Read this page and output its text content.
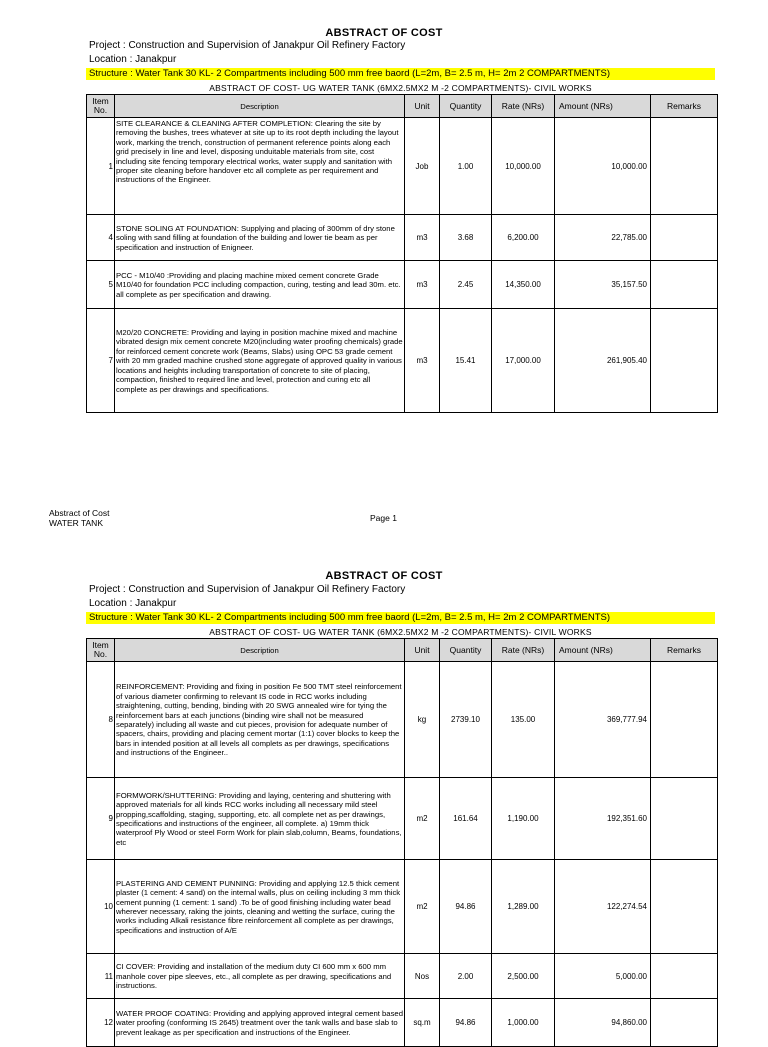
ABSTRACT OF COST
Project : Construction and Supervision of Janakpur Oil Refinery Factory
Location : Janakpur
Structure : Water Tank 30 KL- 2 Compartments including 500 mm free baord (L=2m, B= 2.5 m, H= 2m 2 COMPARTMENTS)
ABSTRACT OF COST- UG WATER TANK (6MX2.5MX2 M -2 COMPARTMENTS)- CIVIL WORKS
Item No.	Description	Unit	Quantity	Rate (NRs)	Amount (NRs)	Remarks
1	SITE CLEARANCE & CLEANING AFTER COMPLETION: Clearing the site by removing the bushes, trees whatever at site up to its root depth including the layout work, marking the trench, construction of permanent reference points along each grid precisely in line and level, disposing unduitable materials from site, cost including site fencing temporary electrical works, water supply and sanitation with proper site cleaning before handover etc all complete as per requirement and instructions of the Engineer.	Job	1.00	10,000.00	10,000.00	
4	STONE SOLING AT FOUNDATION: Supplying and placing of 300mm of dry stone soling with sand filling at foundation of the building and lower tie beam as per specification and instruction of Enigneer.	m3	3.68	6,200.00	22,785.00	
5	PCC - M10/40 :Providing and placing machine mixed cement concrete Grade M10/40 for foundation PCC including compaction, curing, testing and lead 30m. etc. all complete as per specification and drawing.	m3	2.45	14,350.00	35,157.50	
7	M20/20 CONCRETE: Providing and laying in position machine mixed and machine vibrated design mix cement concrete M20(including water proofing chemicals) grade for reinforced cement concrete work (Beams, Slabs) using OPC 53 grade cement with 20 mm graded machine crushed stone aggregate of approved quality in various locations and heights including transportation of concrete to site of placing, compaction, finished to required line and level, protection and curing etc all complete as per drawings and specifications.	m3	15.41	17,000.00	261,905.40	
Abstract of Cost
WATER TANK	Page 1
ABSTRACT OF COST
Project : Construction and Supervision of Janakpur Oil Refinery Factory
Location : Janakpur
Structure : Water Tank 30 KL- 2 Compartments including 500 mm free baord (L=2m, B= 2.5 m, H= 2m 2 COMPARTMENTS)
ABSTRACT OF COST- UG WATER TANK (6MX2.5MX2 M -2 COMPARTMENTS)- CIVIL WORKS
Item No.	Description	Unit	Quantity	Rate (NRs)	Amount (NRs)	Remarks
8	REINFORCEMENT: Providing and fixing in position Fe 500 TMT steel reinforcement of various diameter confirming to relevant IS code in RCC works including straightening, cutting, bending, binding with 20 SWG annealed wire for tying the reinforcement bars at each junctions (binding wire shall not be measured separately) including all waste and cut pieces, provision for adequate number of spacers, chairs, providing and placing cement mortar (1:1) cover blocks to keep the bars in intended position at all levels all complets as per drawings, specifications and instructions of the Engineer..	kg	2739.10	135.00	369,777.94	
9	FORMWORK/SHUTTERING: Providing and laying, centering and shuttering with approved materials for all kinds RCC works including all necessary mild steel propping,scaffolding, staging, supporting, etc. all complete net as per drawings, specifications and instructions of the engineer, all complete. a) 19mm thick waterproof Ply Wood or steel Form Work for plain slab,column, Beams, foundations, etc	m2	161.64	1,190.00	192,351.60	
10	PLASTERING AND CEMENT PUNNING: Providing and applying 12.5 thick cement plaster (1 cement: 4 sand) on the internal walls, plus on ceiling including 3 mm thick cement punning (1 cement: 1 sand) .To be of good finishing including water bead wherever necessary, raking the joints, cleaning and wetting the surface, curing the works including Alkali resistance fibre reinforcement all complete as per drawings, specifications and instruction of A/E	m2	94.86	1,289.00	122,274.54	
11	CI COVER: Providing and installation of the medium duty CI 600 mm x 600 mm manhole cover pipe sleeves, etc., all complete as per drawing, specifications and instructions.	Nos	2.00	2,500.00	5,000.00	
12	WATER PROOF COATING: Providing and applying approved integral cement based water proofing (conforming IS 2645) treatment over the tank walls and base slab to prevent leakage as per specification and instructions of the Engineer.	sq.m	94.86	1,000.00	94,860.00	
